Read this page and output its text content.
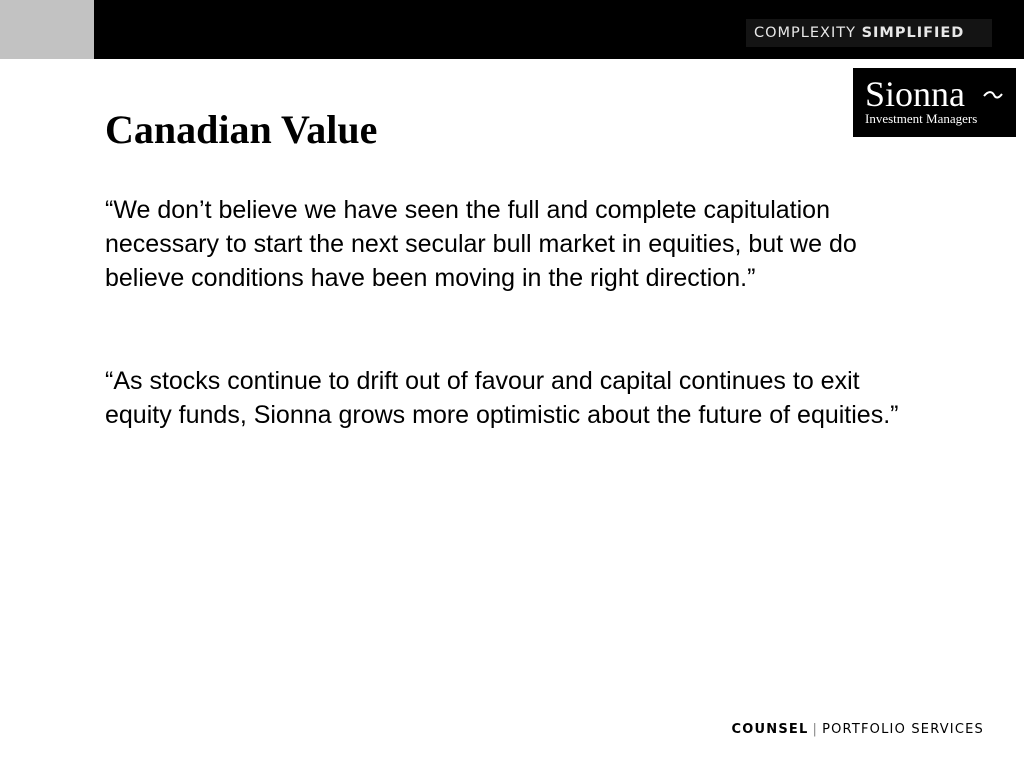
COMPLEXITY SIMPLIFIED
Sionna
Investment Managers
Canadian Value

“We don’t believe we have seen the full and complete capitulation necessary to start the next secular bull market in equities, but we do believe conditions have been moving in the right direction.”

“As stocks continue to drift out of favour and capital continues to exit equity funds, Sionna grows more optimistic about the future of equities.”

COUNSEL | PORTFOLIO SERVICES
